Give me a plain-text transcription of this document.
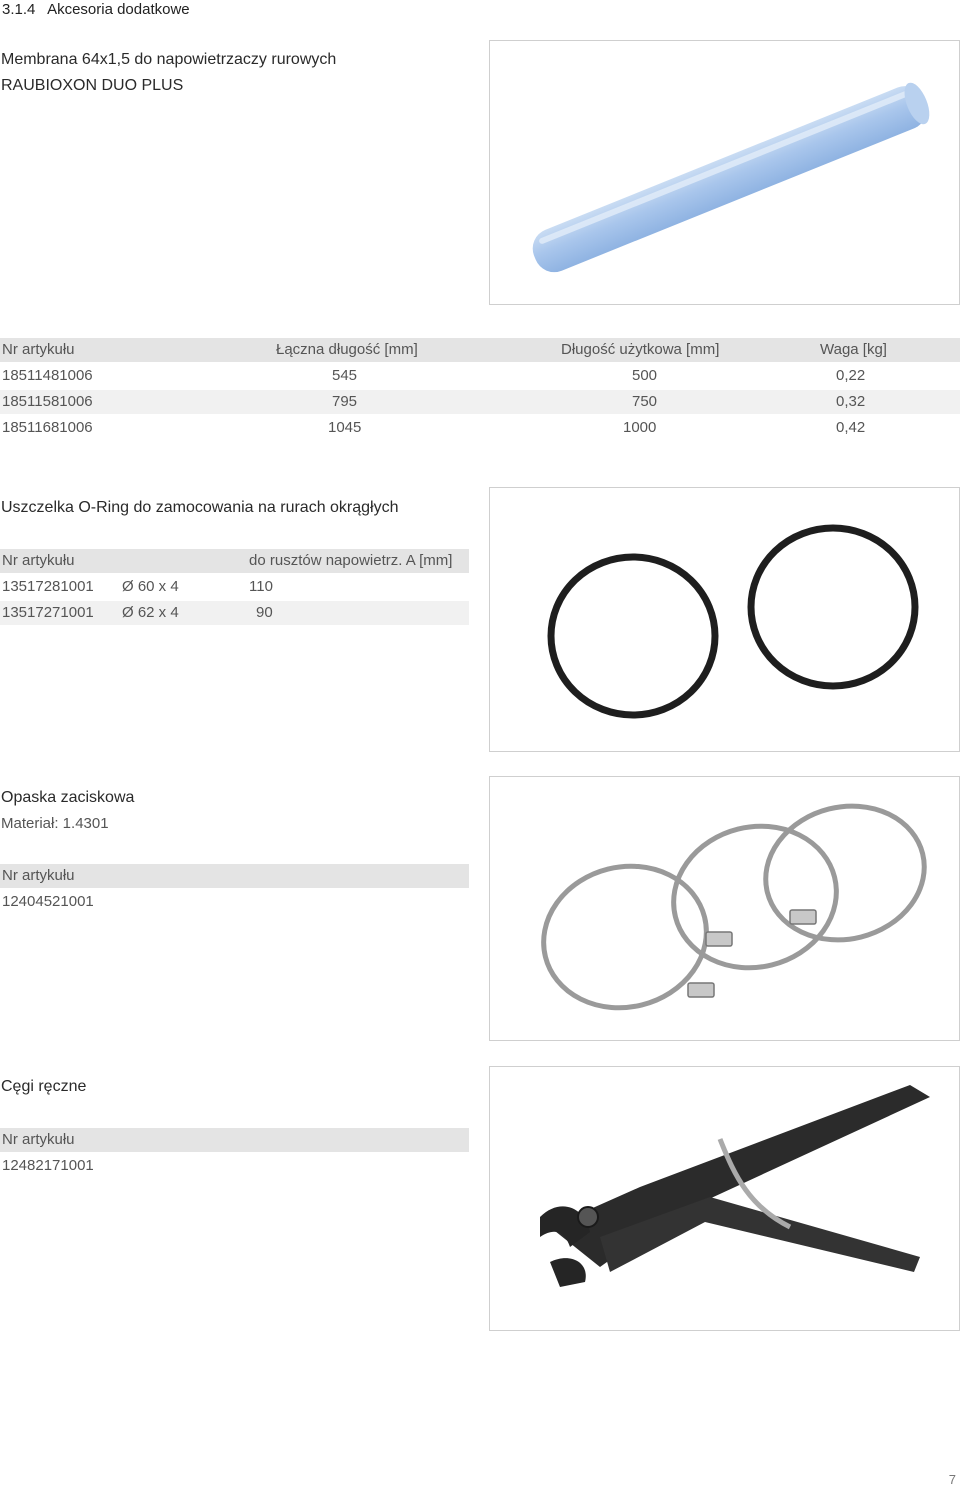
3.1.4 Akcesoria dodatkowe
Membrana 64x1,5 do napowietrzaczy rurowych
RAUBIOXON DUO PLUS
Nr artykułu	Łączna długość [mm]	Długość użytkowa [mm]	Waga [kg]
18511481006	545	500	0,22
18511581006	795	750	0,32
18511681006	1045	1000	0,42
Uszczelka O-Ring do zamocowania na rurach okrągłych
Nr artykułu	do rusztów napowietrz. A [mm]
13517281001 Ø 60 x 4	110
13517271001 Ø 62 x 4	90
Opaska zaciskowa
Materiał: 1.4301
Nr artykułu
12404521001
Cęgi ręczne
Nr artykułu
12482171001
7
